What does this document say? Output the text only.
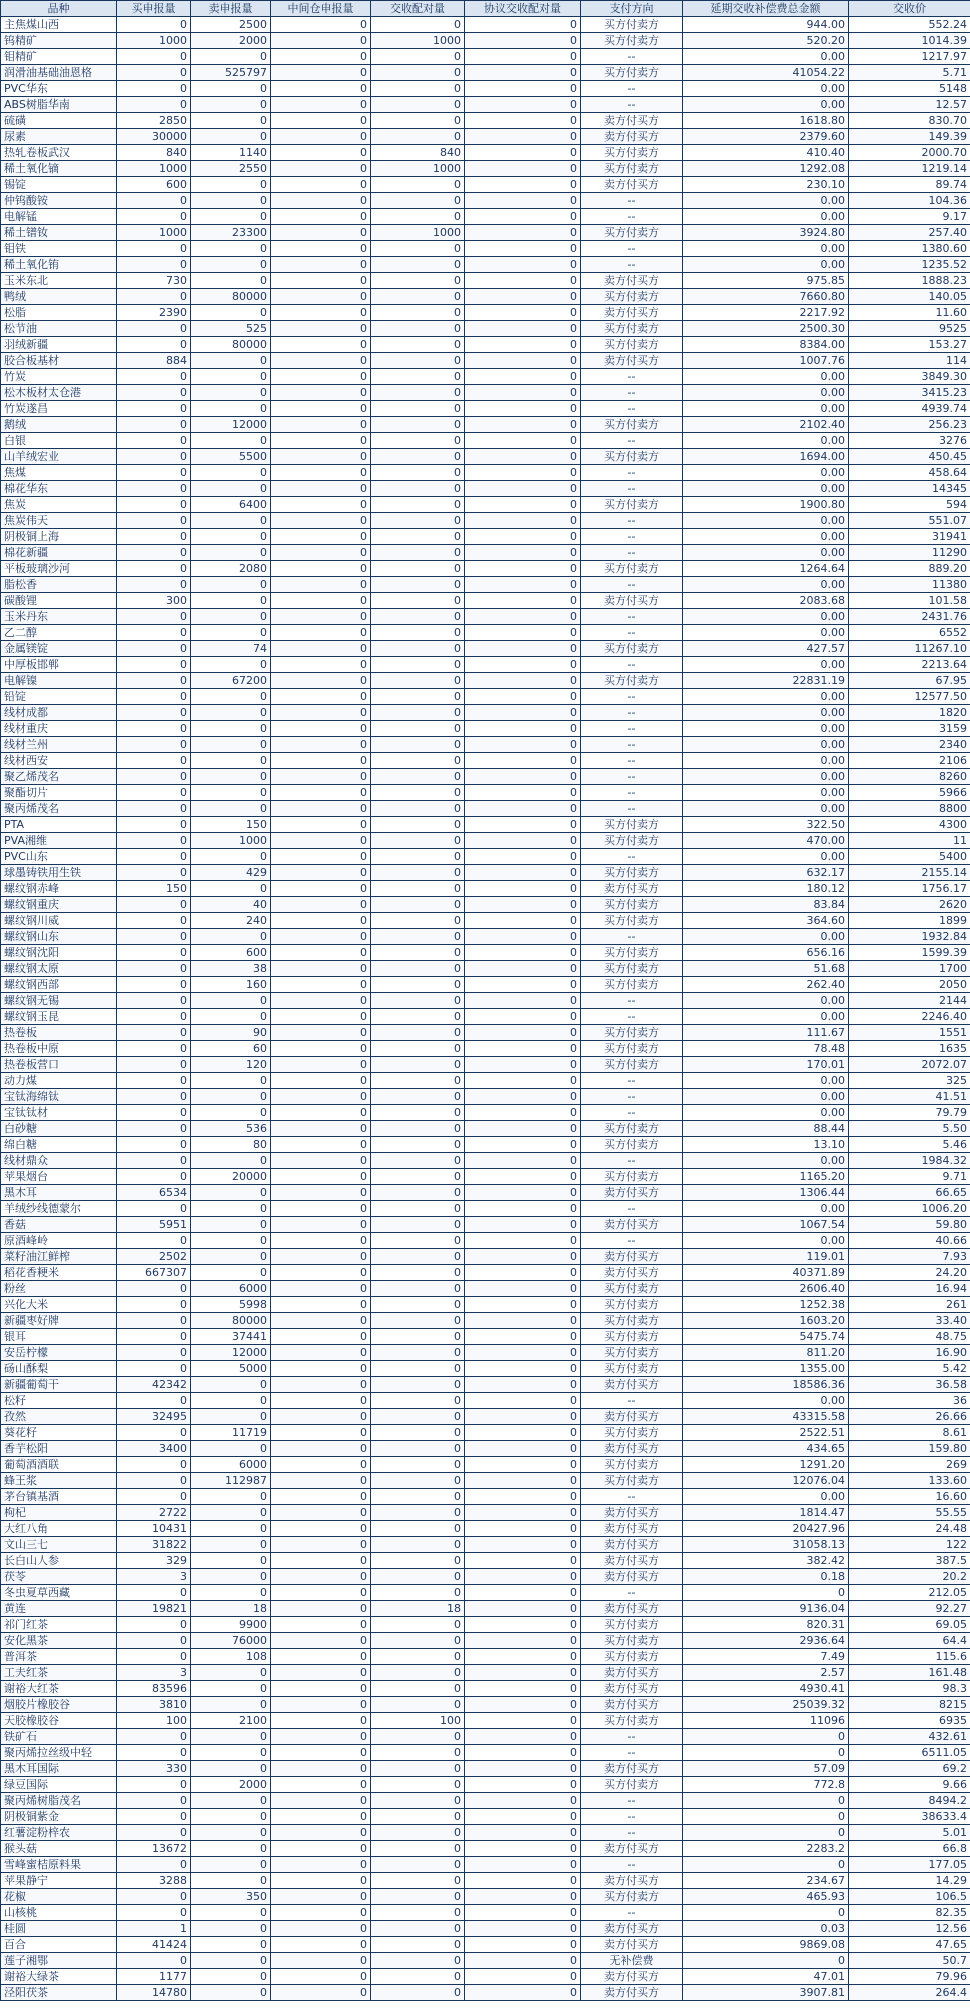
品种	买申报量	卖申报量	中间仓申报量	交收配对量	协议交收配对量	支付方向	延期交收补偿费总金额	交收价
主焦煤山西	0	2500	0	0	0	买方付卖方	944.00	552.24
钨精矿	1000	2000	0	1000	0	买方付卖方	520.20	1014.39
钼精矿	0	0	0	0	0	--	0.00	1217.97
润滑油基础油恩格	0	525797	0	0	0	买方付卖方	41054.22	5.71
PVC华东	0	0	0	0	0	--	0.00	5148
ABS树脂华南	0	0	0	0	0	--	0.00	12.57
硫磺	2850	0	0	0	0	卖方付买方	1618.80	830.70
尿素	30000	0	0	0	0	卖方付买方	2379.60	149.39
热轧卷板武汉	840	1140	0	840	0	买方付卖方	410.40	2000.70
稀土氧化镝	1000	2550	0	1000	0	买方付卖方	1292.08	1219.14
锡锭	600	0	0	0	0	卖方付买方	230.10	89.74
仲钨酸铵	0	0	0	0	0	--	0.00	104.36
电解锰	0	0	0	0	0	--	0.00	9.17
稀土镨钕	1000	23300	0	1000	0	买方付卖方	3924.80	257.40
钼铁	0	0	0	0	0	--	0.00	1380.60
稀土氧化铕	0	0	0	0	0	--	0.00	1235.52
玉米东北	730	0	0	0	0	卖方付买方	975.85	1888.23
鸭绒	0	80000	0	0	0	买方付卖方	7660.80	140.05
松脂	2390	0	0	0	0	卖方付买方	2217.92	11.60
松节油	0	525	0	0	0	买方付卖方	2500.30	9525
羽绒新疆	0	80000	0	0	0	买方付卖方	8384.00	153.27
胶合板基材	884	0	0	0	0	卖方付买方	1007.76	114
竹炭	0	0	0	0	0	--	0.00	3849.30
松木板材太仓港	0	0	0	0	0	--	0.00	3415.23
竹炭遂昌	0	0	0	0	0	--	0.00	4939.74
鹅绒	0	12000	0	0	0	买方付卖方	2102.40	256.23
白银	0	0	0	0	0	--	0.00	3276
山羊绒宏业	0	5500	0	0	0	买方付卖方	1694.00	450.45
焦煤	0	0	0	0	0	--	0.00	458.64
棉花华东	0	0	0	0	0	--	0.00	14345
焦炭	0	6400	0	0	0	买方付卖方	1900.80	594
焦炭伟天	0	0	0	0	0	--	0.00	551.07
阴极铜上海	0	0	0	0	0	--	0.00	31941
棉花新疆	0	0	0	0	0	--	0.00	11290
平板玻璃沙河	0	2080	0	0	0	买方付卖方	1264.64	889.20
脂松香	0	0	0	0	0	--	0.00	11380
碳酸锂	300	0	0	0	0	卖方付买方	2083.68	101.58
玉米丹东	0	0	0	0	0	--	0.00	2431.76
乙二醇	0	0	0	0	0	--	0.00	6552
金属镁锭	0	74	0	0	0	买方付卖方	427.57	11267.10
中厚板邯郸	0	0	0	0	0	--	0.00	2213.64
电解镍	0	67200	0	0	0	买方付卖方	22831.19	67.95
铅锭	0	0	0	0	0	--	0.00	12577.50
线材成都	0	0	0	0	0	--	0.00	1820
线材重庆	0	0	0	0	0	--	0.00	3159
线材兰州	0	0	0	0	0	--	0.00	2340
线材西安	0	0	0	0	0	--	0.00	2106
聚乙烯茂名	0	0	0	0	0	--	0.00	8260
聚酯切片	0	0	0	0	0	--	0.00	5966
聚丙烯茂名	0	0	0	0	0	--	0.00	8800
PTA	0	150	0	0	0	买方付卖方	322.50	4300
PVA湘维	0	1000	0	0	0	买方付卖方	470.00	11
PVC山东	0	0	0	0	0	--	0.00	5400
球墨铸铁用生铁	0	429	0	0	0	买方付卖方	632.17	2155.14
螺纹钢赤峰	150	0	0	0	0	卖方付买方	180.12	1756.17
螺纹钢重庆	0	40	0	0	0	买方付卖方	83.84	2620
螺纹钢川威	0	240	0	0	0	买方付卖方	364.60	1899
螺纹钢山东	0	0	0	0	0	--	0.00	1932.84
螺纹钢沈阳	0	600	0	0	0	买方付卖方	656.16	1599.39
螺纹钢太原	0	38	0	0	0	买方付卖方	51.68	1700
螺纹钢西部	0	160	0	0	0	买方付卖方	262.40	2050
螺纹钢无锡	0	0	0	0	0	--	0.00	2144
螺纹钢玉昆	0	0	0	0	0	--	0.00	2246.40
热卷板	0	90	0	0	0	买方付卖方	111.67	1551
热卷板中原	0	60	0	0	0	买方付卖方	78.48	1635
热卷板营口	0	120	0	0	0	买方付卖方	170.01	2072.07
动力煤	0	0	0	0	0	--	0.00	325
宝钛海绵钛	0	0	0	0	0	--	0.00	41.51
宝钛钛材	0	0	0	0	0	--	0.00	79.79
白砂糖	0	536	0	0	0	买方付卖方	88.44	5.50
绵白糖	0	80	0	0	0	买方付卖方	13.10	5.46
线材鼎众	0	0	0	0	0	--	0.00	1984.32
苹果烟台	0	20000	0	0	0	买方付卖方	1165.20	9.71
黑木耳	6534	0	0	0	0	卖方付买方	1306.44	66.65
羊绒纱线德蒙尔	0	0	0	0	0	--	0.00	1006.20
香菇	5951	0	0	0	0	卖方付买方	1067.54	59.80
原酒峰岭	0	0	0	0	0	--	0.00	40.66
菜籽油江鲜榨	2502	0	0	0	0	卖方付买方	119.01	7.93
稻花香粳米	667307	0	0	0	0	卖方付买方	40371.89	24.20
粉丝	0	6000	0	0	0	买方付卖方	2606.40	16.94
兴化大米	0	5998	0	0	0	买方付卖方	1252.38	261
新疆枣好牌	0	80000	0	0	0	买方付卖方	1603.20	33.40
银耳	0	37441	0	0	0	买方付卖方	5475.74	48.75
安岳柠檬	0	12000	0	0	0	买方付卖方	811.20	16.90
砀山酥梨	0	5000	0	0	0	买方付卖方	1355.00	5.42
新疆葡萄干	42342	0	0	0	0	卖方付买方	18586.36	36.58
松籽	0	0	0	0	0	--	0.00	36
孜然	32495	0	0	0	0	卖方付买方	43315.58	26.66
葵花籽	0	11719	0	0	0	买方付卖方	2522.51	8.61
香芋松阳	3400	0	0	0	0	卖方付买方	434.65	159.80
葡萄酒酒联	0	6000	0	0	0	买方付卖方	1291.20	269
蜂王浆	0	112987	0	0	0	买方付卖方	12076.04	133.60
茅台镇基酒	0	0	0	0	0	--	0.00	16.60
枸杞	2722	0	0	0	0	卖方付买方	1814.47	55.55
大红八角	10431	0	0	0	0	卖方付买方	20427.96	24.48
文山三七	31822	0	0	0	0	卖方付买方	31058.13	122
长白山人参	329	0	0	0	0	卖方付买方	382.42	387.5
茯苓	3	0	0	0	0	卖方付买方	0.18	20.2
冬虫夏草西藏	0	0	0	0	0	--	0	212.05
黄连	19821	18	0	18	0	卖方付买方	9136.04	92.27
祁门红茶	0	9900	0	0	0	买方付卖方	820.31	69.05
安化黑茶	0	76000	0	0	0	买方付卖方	2936.64	64.4
普洱茶	0	108	0	0	0	买方付卖方	7.49	115.6
工夫红茶	3	0	0	0	0	卖方付买方	2.57	161.48
谢裕大红茶	83596	0	0	0	0	卖方付买方	4930.41	98.3
烟胶片橡胶谷	3810	0	0	0	0	卖方付买方	25039.32	8215
天胶橡胶谷	100	2100	0	100	0	买方付卖方	11096	6935
铁矿石	0	0	0	0	0	--	0	432.61
聚丙烯拉丝级中轻	0	0	0	0	0	--	0	6511.05
黑木耳国际	330	0	0	0	0	卖方付买方	57.09	69.2
绿豆国际	0	2000	0	0	0	买方付卖方	772.8	9.66
聚丙烯树脂茂名	0	0	0	0	0	--	0	8494.2
阴极铜紫金	0	0	0	0	0	--	0	38633.4
红薯淀粉梓农	0	0	0	0	0	--	0	5.01
猴头菇	13672	0	0	0	0	卖方付买方	2283.2	66.8
雪峰蜜桔原料果	0	0	0	0	0	--	0	177.05
苹果静宁	3288	0	0	0	0	卖方付买方	234.67	14.29
花椒	0	350	0	0	0	买方付卖方	465.93	106.5
山核桃	0	0	0	0	0	--	0	82.35
桂圆	1	0	0	0	0	卖方付买方	0.03	12.56
百合	41424	0	0	0	0	卖方付买方	9869.08	47.65
莲子湘鄂	0	0	0	0	0	无补偿费	0	50.7
谢裕大绿茶	1177	0	0	0	0	卖方付买方	47.01	79.96
泾阳茯茶	14780	0	0	0	0	卖方付买方	3907.81	264.4
